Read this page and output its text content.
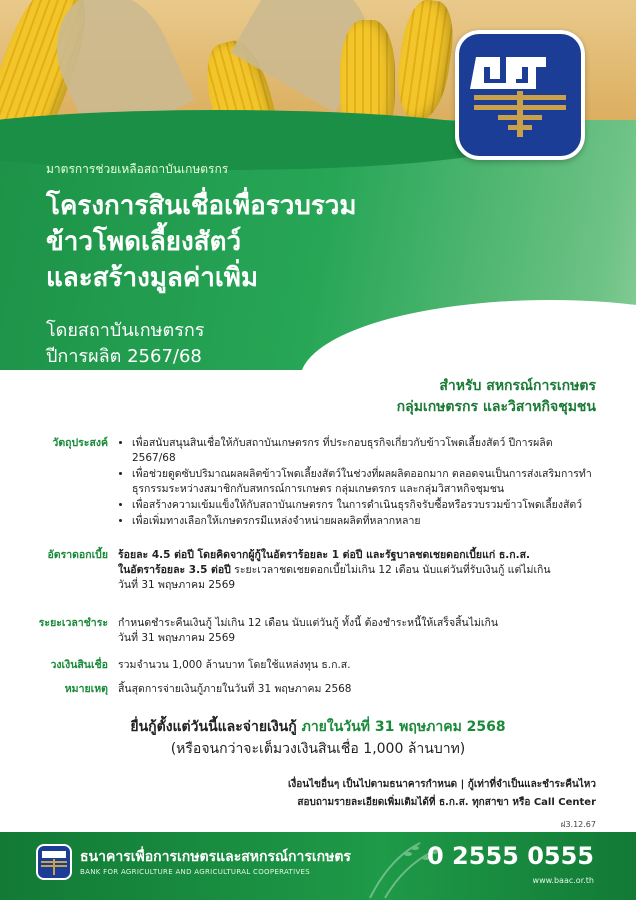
มาตรการช่วยเหลือสถาบันเกษตรกร
โครงการสินเชื่อเพื่อรวบรวม
ข้าวโพดเลี้ยงสัตว์
และสร้างมูลค่าเพิ่ม
โดยสถาบันเกษตรกร
ปีการผลิต 2567/68
สำหรับ สหกรณ์การเกษตร
กลุ่มเกษตรกร และวิสาหกิจชุมชน
วัตถุประสงค์
• เพื่อสนับสนุนสินเชื่อให้กับสถาบันเกษตรกร ที่ประกอบธุรกิจเกี่ยวกับข้าวโพดเลี้ยงสัตว์ ปีการผลิต 2567/68
• เพื่อช่วยดูดซับปริมาณผลผลิตข้าวโพดเลี้ยงสัตว์ในช่วงที่ผลผลิตออกมาก ตลอดจนเป็นการส่งเสริมการทำธุรกรรมระหว่างสมาชิกกับสหกรณ์การเกษตร กลุ่มเกษตรกร และกลุ่มวิสาหกิจชุมชน
• เพื่อสร้างความเข้มแข็งให้กับสถาบันเกษตรกร ในการดำเนินธุรกิจรับซื้อหรือรวบรวมข้าวโพดเลี้ยงสัตว์
• เพื่อเพิ่มทางเลือกให้เกษตรกรมีแหล่งจำหน่ายผลผลิตที่หลากหลาย
อัตราดอกเบี้ย ร้อยละ 4.5 ต่อปี โดยคิดจากผู้กู้ในอัตราร้อยละ 1 ต่อปี และรัฐบาลชดเชยดอกเบี้ยแก่ ธ.ก.ส.
ในอัตราร้อยละ 3.5 ต่อปี ระยะเวลาชดเชยดอกเบี้ยไม่เกิน 12 เดือน นับแต่วันที่รับเงินกู้ แต่ไม่เกิน
วันที่ 31 พฤษภาคม 2569
ระยะเวลาชำระ กำหนดชำระคืนเงินกู้ ไม่เกิน 12 เดือน นับแต่วันกู้ ทั้งนี้ ต้องชำระหนี้ให้เสร็จสิ้นไม่เกิน
วันที่ 31 พฤษภาคม 2569
วงเงินสินเชื่อ รวมจำนวน 1,000 ล้านบาท โดยใช้แหล่งทุน ธ.ก.ส.
หมายเหตุ สิ้นสุดการจ่ายเงินกู้ภายในวันที่ 31 พฤษภาคม 2568
ยื่นกู้ตั้งแต่วันนี้และจ่ายเงินกู้ ภายในวันที่ 31 พฤษภาคม 2568
(หรือจนกว่าจะเต็มวงเงินสินเชื่อ 1,000 ล้านบาท)
เงื่อนไขอื่นๆ เป็นไปตามธนาคารกำหนด | กู้เท่าที่จำเป็นและชำระคืนไหว
สอบถามรายละเอียดเพิ่มเติมได้ที่ ธ.ก.ส. ทุกสาขา หรือ Call Center
ฝ3.12.67
ธนาคารเพื่อการเกษตรและสหกรณ์การเกษตร
BANK FOR AGRICULTURE AND AGRICULTURAL COOPERATIVES
0 2555 0555
www.baac.or.th
